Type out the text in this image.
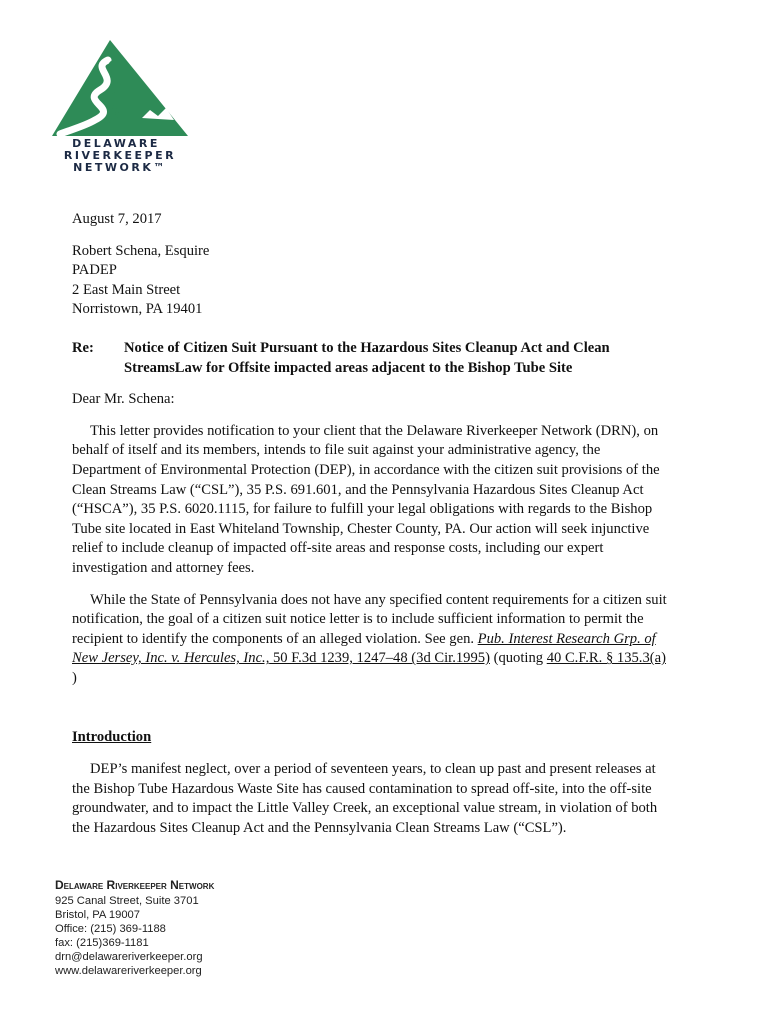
DELAWARE
RIVERKEEPER
NETWORK™
August 7, 2017
Robert Schena, Esquire
PADEP
2 East Main Street
Norristown, PA 19401
Re:	Notice of Citizen Suit Pursuant to the Hazardous Sites Cleanup Act and Clean
StreamsLaw for Offsite impacted areas adjacent to the Bishop Tube Site
Dear Mr. Schena:

This letter provides notification to your client that the Delaware Riverkeeper Network (DRN), on behalf of itself and its members, intends to file suit against your administrative agency, the Department of Environmental Protection (DEP), in accordance with the citizen suit provisions of the Clean Streams Law (“CSL”), 35 P.S. 691.601, and the Pennsylvania Hazardous Sites Cleanup Act (“HSCA”), 35 P.S. 6020.1115, for failure to fulfill your legal obligations with regards to the Bishop Tube site located in East Whiteland Township, Chester County, PA. Our action will seek injunctive relief to include cleanup of impacted off-site areas and response costs, including our expert investigation and attorney fees.

While the State of Pennsylvania does not have any specified content requirements for a citizen suit notification, the goal of a citizen suit notice letter is to include sufficient information to permit the recipient to identify the components of an alleged violation. See gen. Pub. Interest Research Grp. of New Jersey, Inc. v. Hercules, Inc., 50 F.3d 1239, 1247–48 (3d Cir.1995) (quoting 40 C.F.R. § 135.3(a) )

Introduction

DEP’s manifest neglect, over a period of seventeen years, to clean up past and present releases at the Bishop Tube Hazardous Waste Site has caused contamination to spread off-site, into the off-site groundwater, and to impact the Little Valley Creek, an exceptional value stream, in violation of both the Hazardous Sites Cleanup Act and the Pennsylvania Clean Streams Law (“CSL”).

Delaware Riverkeeper Network
925 Canal Street, Suite 3701
Bristol, PA 19007
Office: (215) 369-1188
fax: (215)369-1181
drn@delawareriverkeeper.org
www.delawareriverkeeper.org
